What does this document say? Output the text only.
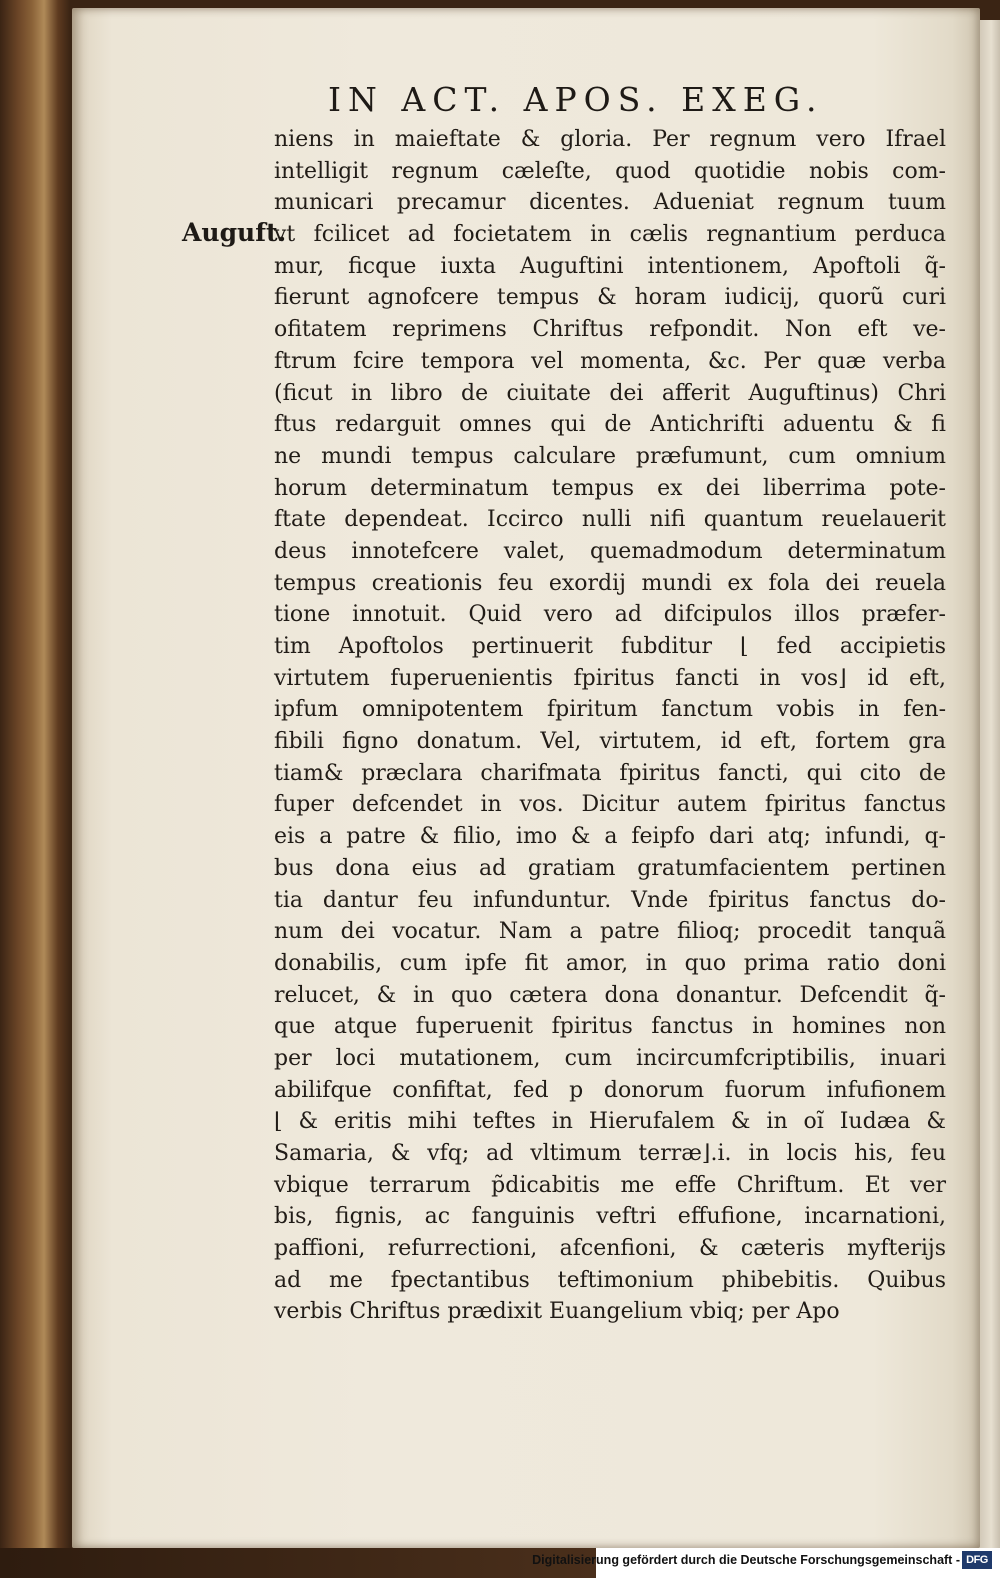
IN ACT. APOS. EXEG.
Auguft.
niens in maieftate & gloria. Per regnum vero Ifrael
intelligit regnum cæleſte, quod quotidie nobis com-
municari precamur dicentes. Adueniat regnum tuum
vt fcilicet ad focietatem in cælis regnantium perduca
mur, ficque iuxta Auguftini intentionem, Apoftoli q̃-
fierunt agnofcere tempus & horam iudicij, quorũ curi
ofitatem reprimens Chriftus refpondit. Non eft ve-
ftrum fcire tempora vel momenta, &c. Per quæ verba
(ficut in libro de ciuitate dei afferit Auguftinus) Chri
ftus redarguit omnes qui de Antichrifti aduentu & fi
ne mundi tempus calculare præfumunt, cum omnium
horum determinatum tempus ex dei liberrima pote-
ftate dependeat. Iccirco nulli nifi quantum reuelauerit
deus innotefcere valet, quemadmodum determinatum
tempus creationis feu exordij mundi ex fola dei reuela
tione innotuit. Quid vero ad difcipulos illos præfer-
tim Apoftolos pertinuerit fubditur ⌊ fed accipietis
virtutem fuperuenientis fpiritus fancti in vos⌋ id eft,
ipfum omnipotentem fpiritum fanctum vobis in fen-
fibili figno donatum. Vel, virtutem, id eft, fortem gra
tiam& præclara charifmata fpiritus fancti, qui cito de
fuper defcendet in vos. Dicitur autem fpiritus fanctus
eis a patre & filio, imo & a feipfo dari atq; infundi, q-
bus dona eius ad gratiam gratumfacientem pertinen
tia dantur feu infunduntur. Vnde fpiritus fanctus do-
num dei vocatur. Nam a patre filioq; procedit tanquã
donabilis, cum ipfe fit amor, in quo prima ratio doni
relucet, & in quo cætera dona donantur. Defcendit q̃-
que atque fuperuenit fpiritus fanctus in homines non
per loci mutationem, cum incircumfcriptibilis, inuari
abilifque confiftat, fed p donorum fuorum infufionem
⌊ & eritis mihi teftes in Hierufalem & in oĩ Iudæa &
Samaria, & vfq; ad vltimum terræ⌋.i. in locis his, feu
vbique terrarum p̃dicabitis me effe Chriftum. Et ver
bis, fignis, ac fanguinis veftri effufione, incarnationi,
paffioni, refurrectioni, afcenfioni, & cæteris myfterijs
ad me fpectantibus teftimonium phibebitis. Quibus
verbis Chriftus prædixit Euangelium vbiq; per Apo
Digitalisierung gefördert durch die Deutsche Forschungsgemeinschaft - DFG
